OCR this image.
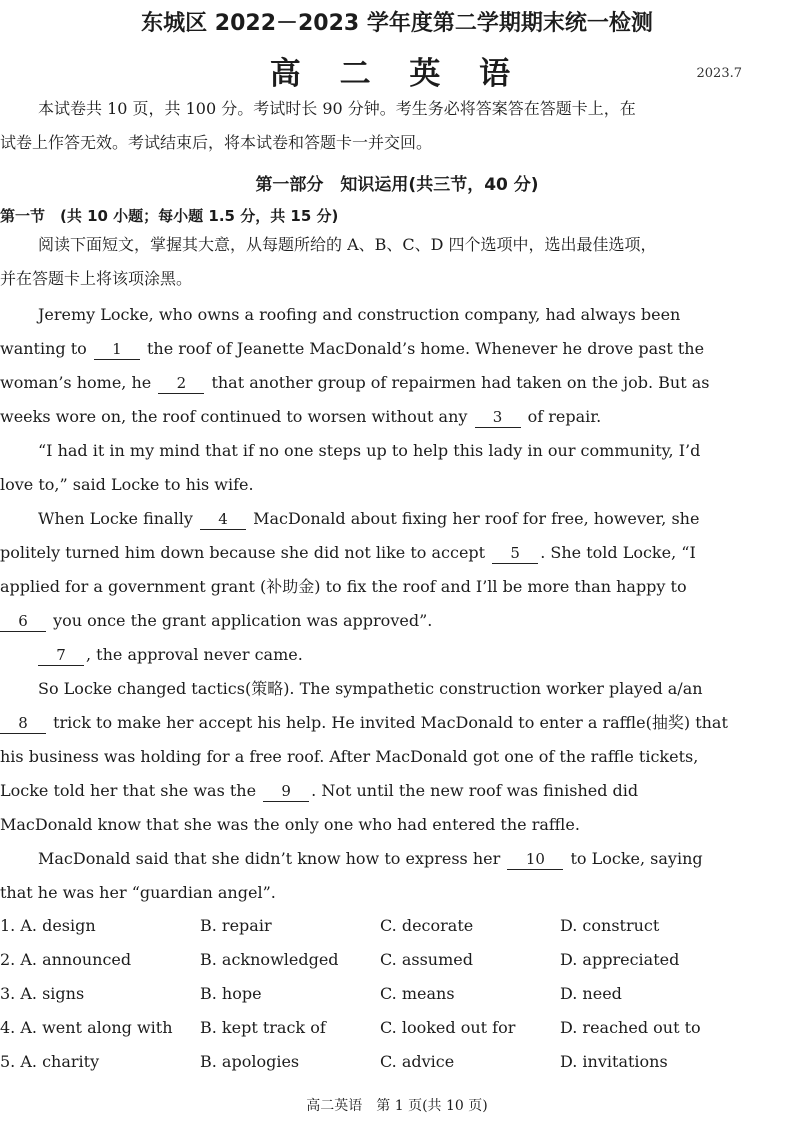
东城区 2022－2023 学年度第二学期期末统一检测
高 二 英 语	2023.7
本试卷共 10 页，共 100 分。考试时长 90 分钟。考生务必将答案答在答题卡上，在
试卷上作答无效。考试结束后，将本试卷和答题卡一并交回。
第一部分　知识运用(共三节，40 分)
第一节　(共 10 小题；每小题 1.5 分，共 15 分)
阅读下面短文，掌握其大意，从每题所给的 A、B、C、D 四个选项中，选出最佳选项，
并在答题卡上将该项涂黑。
Jeremy Locke, who owns a roofing and construction company, had always been
wanting to 1 the roof of Jeanette MacDonald’s home. Whenever he drove past the
woman’s home, he 2 that another group of repairmen had taken on the job. But as
weeks wore on, the roof continued to worsen without any 3 of repair.
“I had it in my mind that if no one steps up to help this lady in our community, I’d
love to,” said Locke to his wife.
When Locke finally 4 MacDonald about fixing her roof for free, however, she
politely turned him down because she did not like to accept 5 . She told Locke, “I
applied for a government grant (补助金) to fix the roof and I’ll be more than happy to
6 you once the grant application was approved”.
7 , the approval never came.
So Locke changed tactics(策略). The sympathetic construction worker played a/an
8 trick to make her accept his help. He invited MacDonald to enter a raffle(抽奖) that
his business was holding for a free roof. After MacDonald got one of the raffle tickets,
Locke told her that she was the 9 . Not until the new roof was finished did
MacDonald know that she was the only one who had entered the raffle.
MacDonald said that she didn’t know how to express her 10 to Locke, saying
that he was her “guardian angel”.
1. A. design	B. repair	C. decorate	D. construct
2. A. announced	B. acknowledged	C. assumed	D. appreciated
3. A. signs	B. hope	C. means	D. need
4. A. went along with B. kept track of	C. looked out for	D. reached out to
5. A. charity	B. apologies	C. advice	D. invitations
高二英语　第 1 页(共 10 页)
